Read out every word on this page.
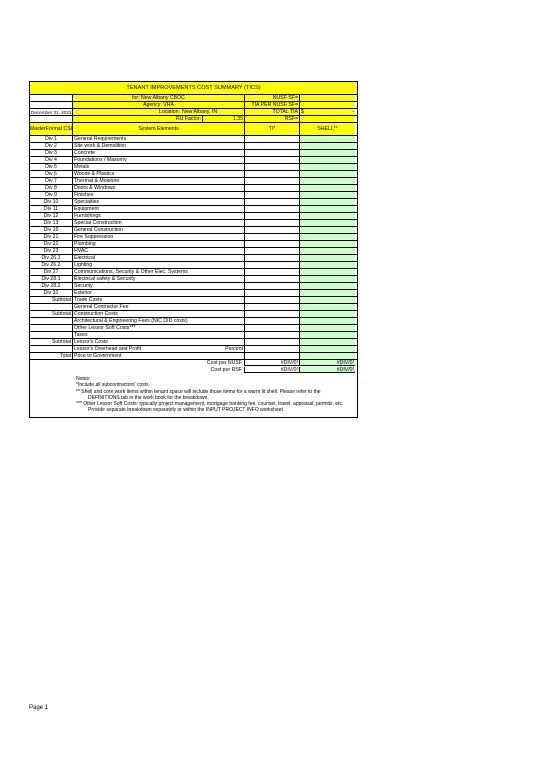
TENANT IMPROVEMENTS COST SUMMARY (TICS)
for: New Albany CBOC	NUSF SF=
Agency: VHA	TIA PER NUSF SF=
December 31, 2023	Location: New Albany, IN	TOTAL TIA $	-
RU Factor:	1.35	RSF=
MasterFormat CSI	System Elements	TI*	SHELL**
Div 1	General Requirements
Div 2	Site work & Demolition
Div 3	Concrete
Div 4	Foundations / Masonry
Div 5	Metals
Div 6	Woods & Plastics
Div 7	Thermal & Moisture
Div 8	Doors & Windows
Div 9	Finishes
Div 10	Specialties
Div 11	Equipment
Div 12	Furnishings
Div 13	Special Construction
Div 15	General Construction
Div 21	Fire Suppression
Div 22	Plumbing
Div 23	HVAC
Div 26.1	Electrical
Div 26.2	Lighting
Div 27	Communications, Security & Other Elec. Systems
Div 28.1	Electrical safety & Security
Div 28.2	Security
Div 32	Exterior
Subtotal Trade Costs
General Contractor Fee
Subtotal Construction Costs
Architectural & Engineering Fees (NIC DID costs)
Other Lessor Soft Costs***
Taxes
Subtotal Lessor's Costs
Lessor's Overhead and Profit	Percent
Total Price to Government
Cost per NUSF	#DIV/0!	#DIV/0!
Cost per RSF	#DIV/0!	#DIV/0!
Notes:
*Include all subcontractors' costs.
** Shell and core work items within tenant space will include those items for a warm lit shell. Please refer to the
DEFINITIONS tab in the work book for the breakdown.
*** Other Lessor Soft Costs: typically project management, mortgage banking fee, counsel, travel, appraisal, permits, etc.
Provide separate breakdown separately or within the INPUT PROJECT INFO worksheet.
Page 1
